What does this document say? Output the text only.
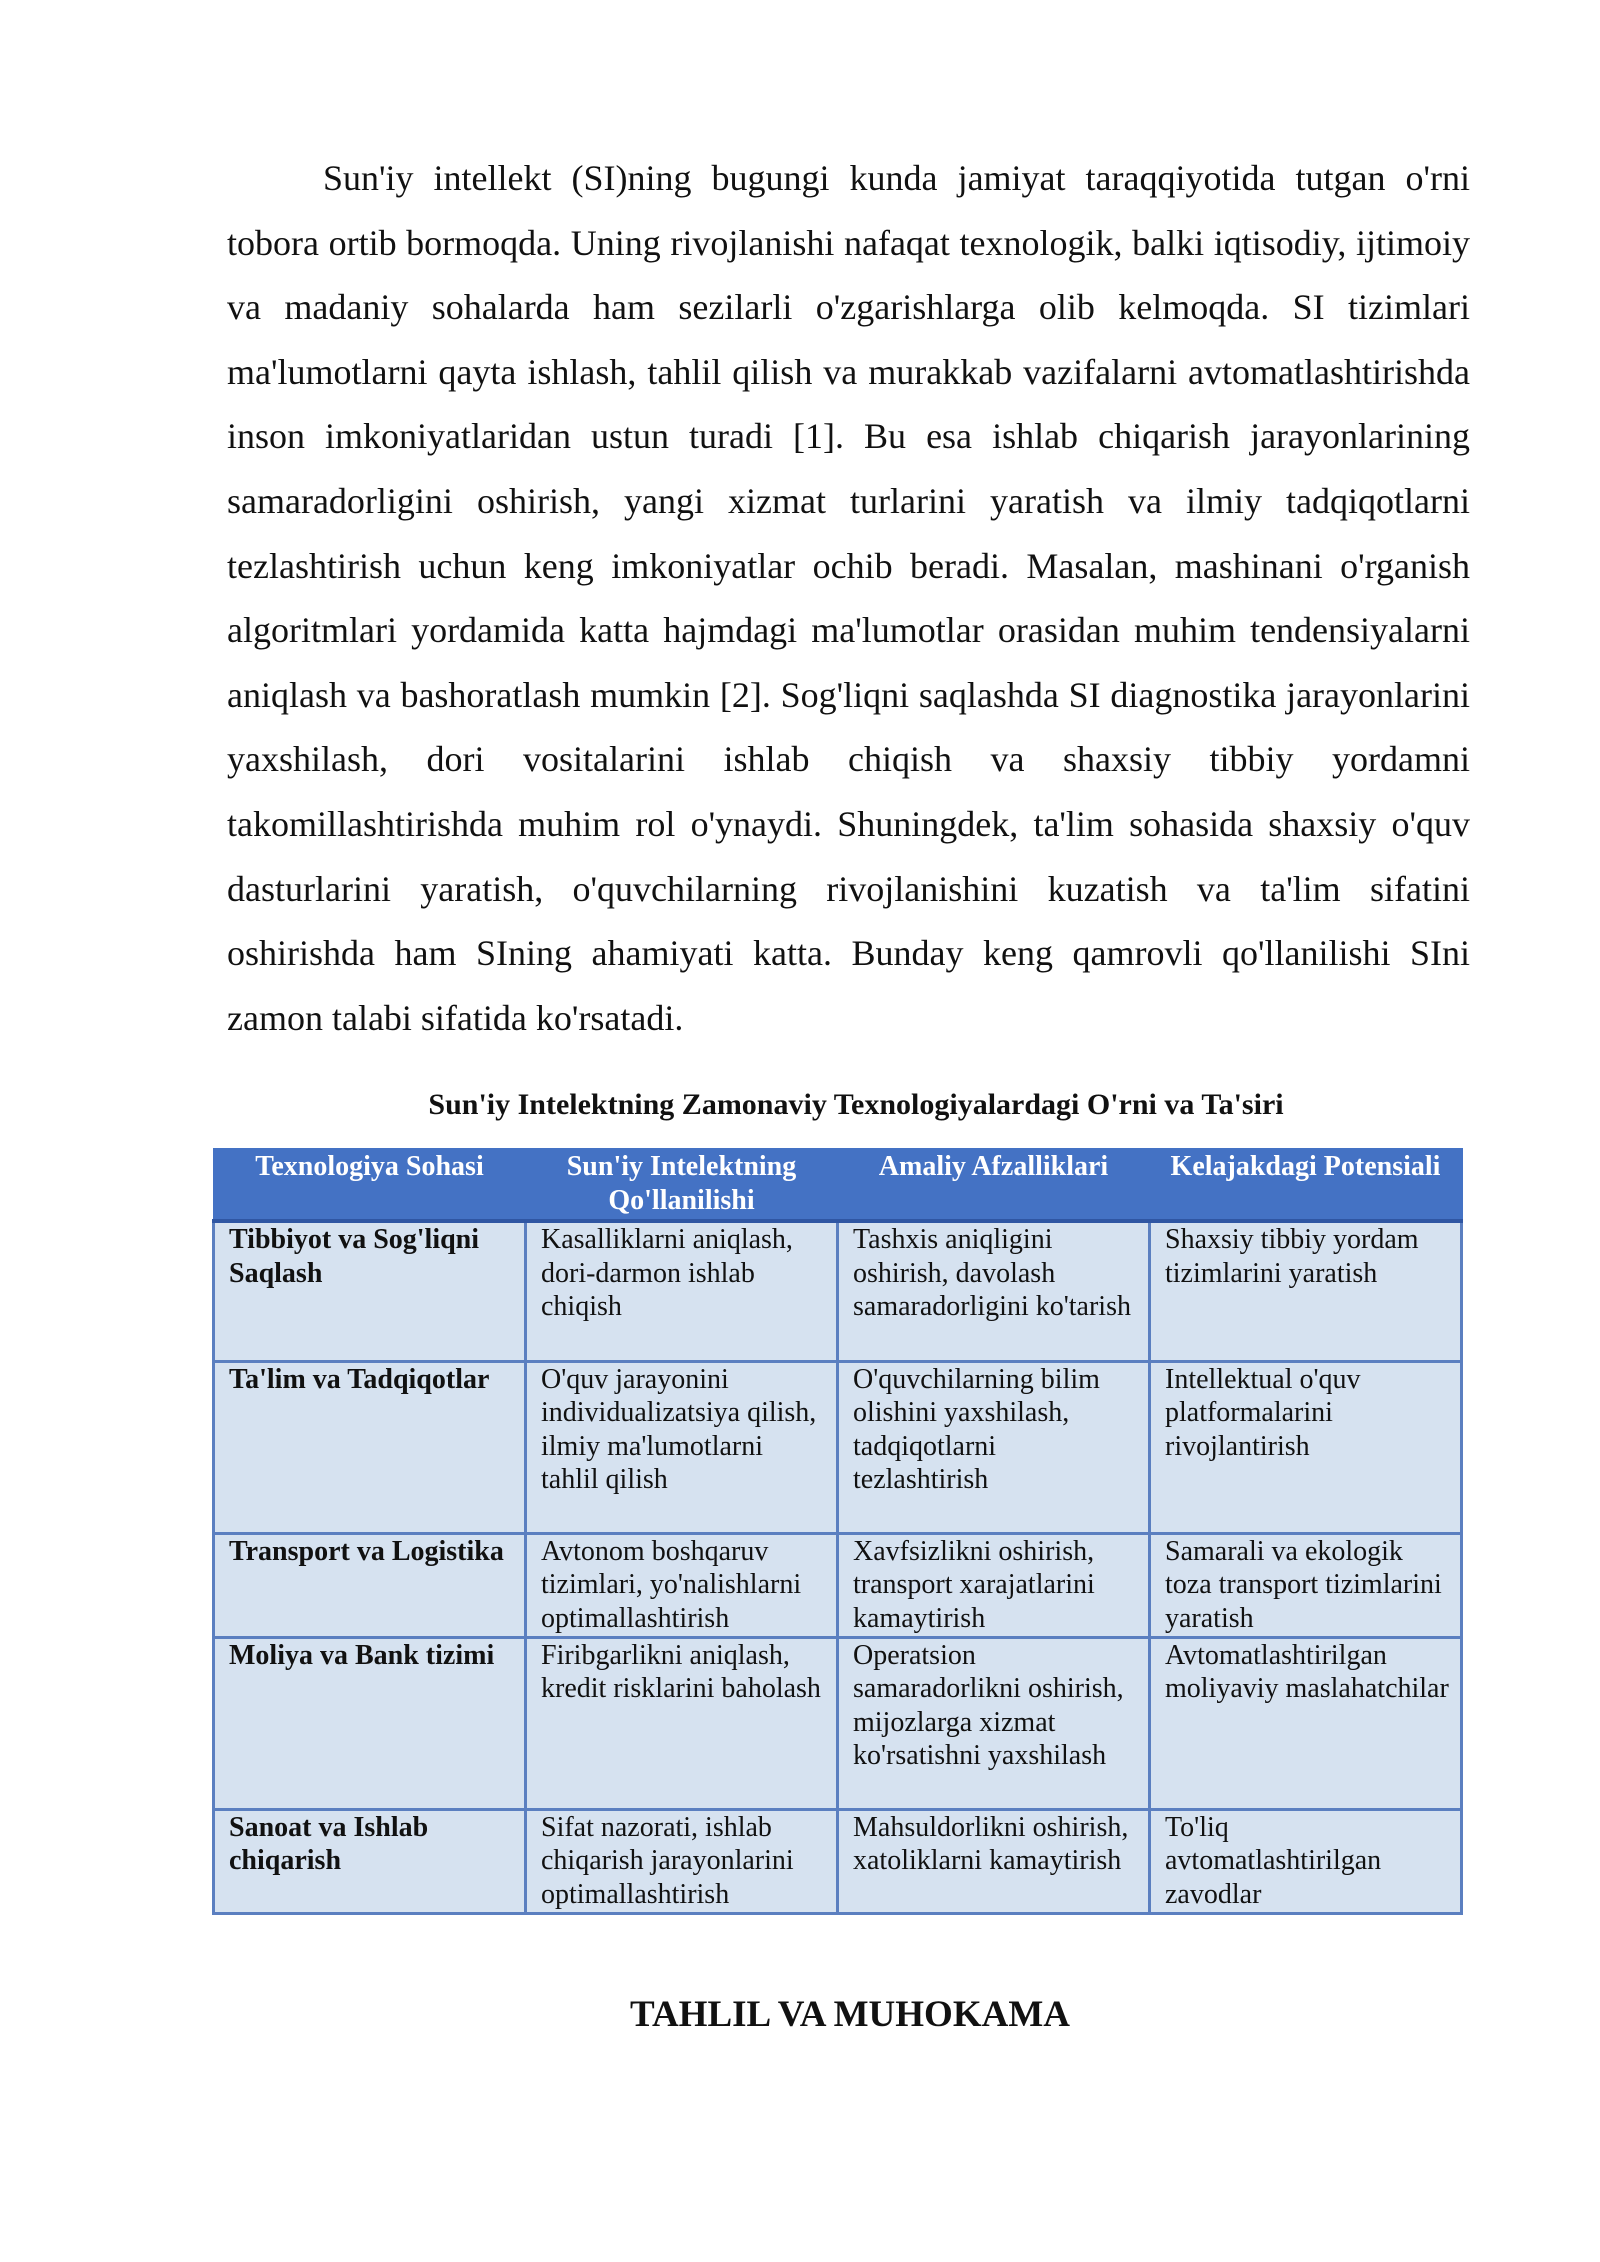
Sun'iy intellekt (SI)ning bugungi kunda jamiyat taraqqiyotida tutgan o'rni tobora ortib bormoqda. Uning rivojlanishi nafaqat texnologik, balki iqtisodiy, ijtimoiy va madaniy sohalarda ham sezilarli o'zgarishlarga olib kelmoqda. SI tizimlari ma'lumotlarni qayta ishlash, tahlil qilish va murakkab vazifalarni avtomatlashtirishda inson imkoniyatlaridan ustun turadi [1]. Bu esa ishlab chiqarish jarayonlarining samaradorligini oshirish, yangi xizmat turlarini yaratish va ilmiy tadqiqotlarni tezlashtirish uchun keng imkoniyatlar ochib beradi. Masalan, mashinani o'rganish algoritmlari yordamida katta hajmdagi ma'lumotlar orasidan muhim tendensiyalarni aniqlash va bashoratlash mumkin [2]. Sog'liqni saqlashda SI diagnostika jarayonlarini yaxshilash, dori vositalarini ishlab chiqish va shaxsiy tibbiy yordamni takomillashtirishda muhim rol o'ynaydi. Shuningdek, ta'lim sohasida shaxsiy o'quv dasturlarini yaratish, o'quvchilarning rivojlanishini kuzatish va ta'lim sifatini oshirishda ham SIning ahamiyati katta. Bunday keng qamrovli qo'llanilishi SIni zamon talabi sifatida ko'rsatadi.

Sun'iy Intelektning Zamonaviy Texnologiyalardagi O'rni va Ta'siri

Texnologiya Sohasi	Sun'iy Intelektning Qo'llanilishi	Amaliy Afzalliklari	Kelajakdagi Potensiali
Tibbiyot va Sog'liqni Saqlash	Kasalliklarni aniqlash, dori-darmon ishlab chiqish	Tashxis aniqligini oshirish, davolash samaradorligini ko'tarish	Shaxsiy tibbiy yordam tizimlarini yaratish
Ta'lim va Tadqiqotlar	O'quv jarayonini individualizatsiya qilish, ilmiy ma'lumotlarni tahlil qilish	O'quvchilarning bilim olishini yaxshilash, tadqiqotlarni tezlashtirish	Intellektual o'quv platformalarini rivojlantirish
Transport va Logistika	Avtonom boshqaruv tizimlari, yo'nalishlarni optimallashtirish	Xavfsizlikni oshirish, transport xarajatlarini kamaytirish	Samarali va ekologik toza transport tizimlarini yaratish
Moliya va Bank tizimi	Firibgarlikni aniqlash, kredit risklarini baholash	Operatsion samaradorlikni oshirish, mijozlarga xizmat ko'rsatishni yaxshilash	Avtomatlashtirilgan moliyaviy maslahatchilar
Sanoat va Ishlab chiqarish	Sifat nazorati, ishlab chiqarish jarayonlarini optimallashtirish	Mahsuldorlikni oshirish, xatoliklarni kamaytirish	To'liq avtomatlashtirilgan zavodlar
TAHLIL VA MUHOKAMA
